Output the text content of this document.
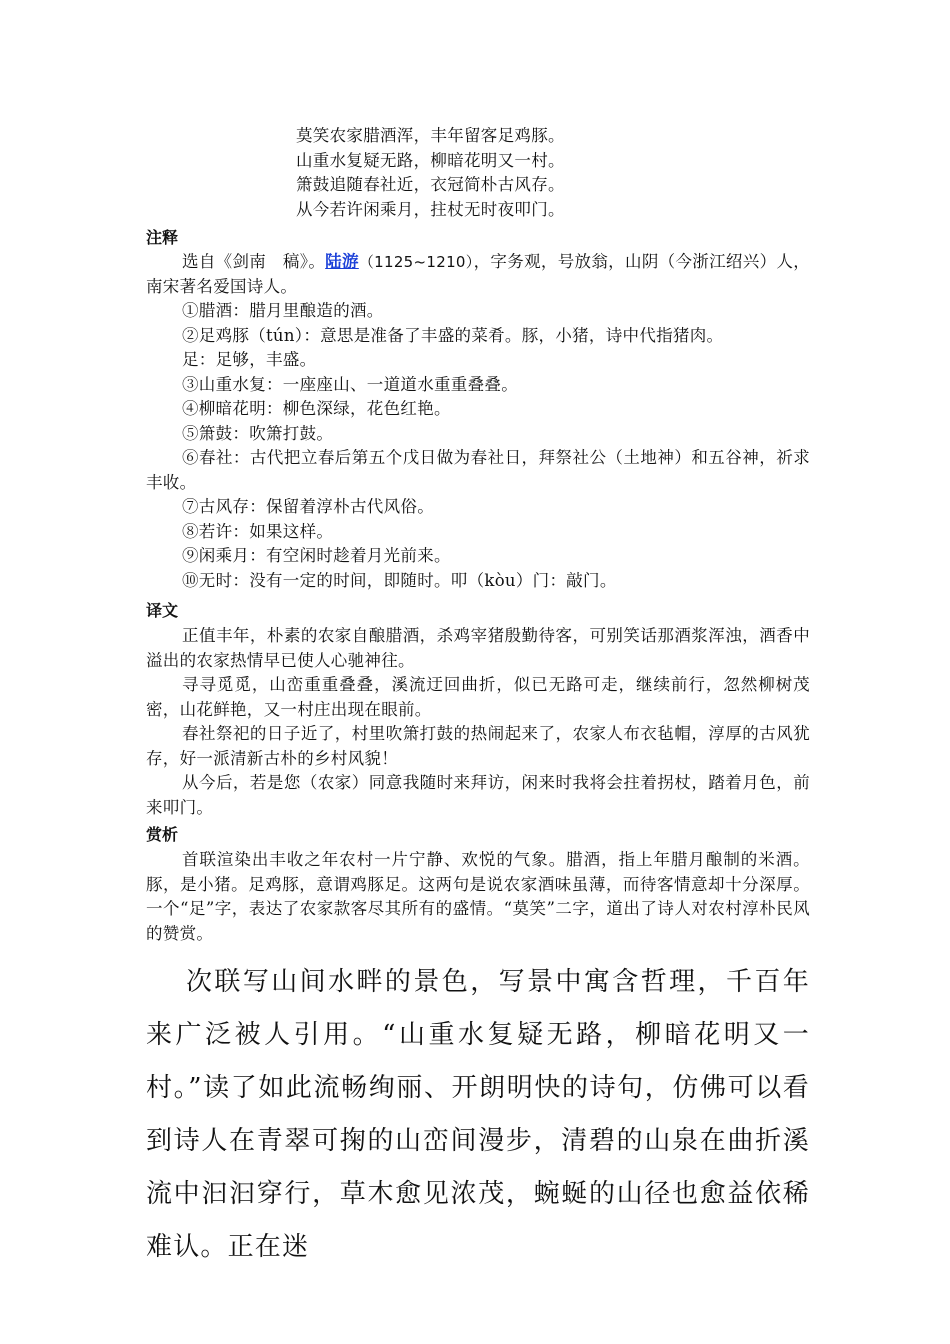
莫笑农家腊酒浑，丰年留客足鸡豚。
山重水复疑无路，柳暗花明又一村。
箫鼓追随春社近，衣冠简朴古风存。
从今若许闲乘月，拄杖无时夜叩门。
注释

选自《剑南　稿》。陆游（1125~1210），字务观，号放翁，山阴（今浙江绍兴）人，南宋著名爱国诗人。

①腊酒：腊月里酿造的酒。

②足鸡豚（tún）：意思是准备了丰盛的菜肴。豚，小猪，诗中代指猪肉。

足：足够，丰盛。

③山重水复：一座座山、一道道水重重叠叠。

④柳暗花明：柳色深绿，花色红艳。

⑤箫鼓：吹箫打鼓。

⑥春社：古代把立春后第五个戊日做为春社日，拜祭社公（土地神）和五谷神，祈求丰收。

⑦古风存：保留着淳朴古代风俗。

⑧若许：如果这样。

⑨闲乘月：有空闲时趁着月光前来。

⑩无时：没有一定的时间，即随时。叩（kòu）门：敲门。

译文

正值丰年，朴素的农家自酿腊酒，杀鸡宰猪殷勤待客，可别笑话那酒浆浑浊，酒香中溢出的农家热情早已使人心驰神往。

寻寻觅觅，山峦重重叠叠，溪流迂回曲折，似已无路可走，继续前行，忽然柳树茂密，山花鲜艳，又一村庄出现在眼前。

春社祭祀的日子近了，村里吹箫打鼓的热闹起来了，农家人布衣毡帽，淳厚的古风犹存，好一派清新古朴的乡村风貌！

从今后，若是您（农家）同意我随时来拜访，闲来时我将会拄着拐杖，踏着月色，前来叩门。

赏析

首联渲染出丰收之年农村一片宁静、欢悦的气象。腊酒，指上年腊月酿制的米酒。豚，是小猪。足鸡豚，意谓鸡豚足。这两句是说农家酒味虽薄，而待客情意却十分深厚。一个“足”字，表达了农家款客尽其所有的盛情。“莫笑”二字，道出了诗人对农村淳朴民风的赞赏。

次联写山间水畔的景色，写景中寓含哲理，千百年来广泛被人引用。“山重水复疑无路，柳暗花明又一村。”读了如此流畅绚丽、开朗明快的诗句，仿佛可以看到诗人在青翠可掬的山峦间漫步，清碧的山泉在曲折溪流中汩汩穿行，草木愈见浓茂，蜿蜒的山径也愈益依稀难认。正在迷
